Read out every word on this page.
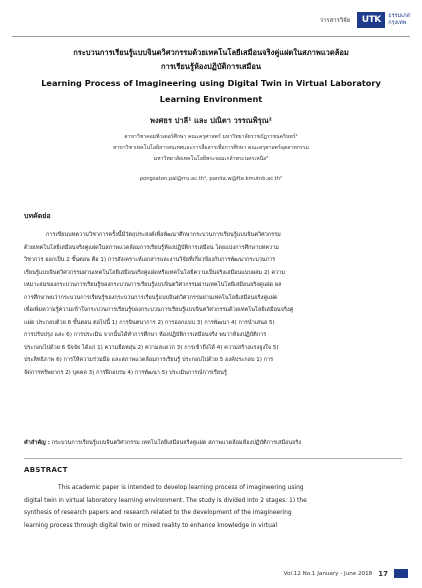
วารสารวิจัย	UTK	ธรรมเภส
กรุงเทพ
กระบวนการเรียนรู้แบบจินตวิศวกรรมด้วยเทคโนโลยีเสมือนจริงคู่แฝดในสภาพแวดล้อม
การเรียนรู้ห้องปฏิบัติการเสมือน
Learning Process of Imagineering using Digital Twin in Virtual Laboratory
Learning Environment
พงศธร ปาลี¹ และ ปณิตา วรรณพิรุณ²
สาขาวิชาคอมพิวเตอร์ศึกษา คณะครุศาสตร์ มหาวิทยาลัยราชภัฏราชนครินทร์¹
สาขาวิชาเทคโนโลยีสารสนเทศและการสื่อสารเพื่อการศึกษา คณะครุศาสตร์อุตสาหกรรม
มหาวิทยาลัยเทคโนโลยีพระจอมเกล้าพระนครเหนือ²
pongsaton.pal@rru.ac.th¹, panita.w@fte.kmutnb.ac.th²
บทคัดย่อ
การเขียนบทความวิชาการครั้งนี้มีวัตถุประสงค์เพื่อพัฒนาศึกษากระบวนการเรียนรู้แบบจินตวิศวกรรม
ด้วยเทคโนโลยีเสมือนจริงคู่แฝดในสภาพแวดล้อมการเรียนรู้ห้องปฏิบัติการเสมือน โดยแบ่งการศึกษาบทความ
วิชาการ ออกเป็น 2 ขั้นตอน คือ 1) การสังเคราะห์เอกสารและงานวิจัยที่เกี่ยวข้องกับการพัฒนากระบวนการ
เรียนรู้แบบจินตวิศวกรรมผ่านเทคโนโลยีเสมือนจริงคู่แฝดหรือเทคโนโลยีความเป็นจริงเสมือนแบบผสม 2) ความ
เหมาะสมของกระบวนการเรียนรู้ของกระบวนการเรียนรู้แบบจินตวิศวกรรมผ่านเทคโนโลยีเสมือนจริงคู่แฝด ผล
การศึกษาพบว่ากระบวนการเรียนรู้ของกระบวนการเรียนรู้แบบจินตวิศวกรรมผ่านเทคโนโลยีเสมือนจริงคู่แฝด
เพื่อเพิ่มความรู้ความเข้าใจกระบวนการเรียนรู้ของกระบวนการเรียนรู้แบบจินตวิศวกรรมด้วยเทคโนโลยีเสมือนจริงคู่
แฝด ประกอบด้วย 6 ขั้นตอน ต่อไปนี้ 1) การจินตนาการ 2) การออกแบบ 3) การพัฒนา 4) การนำเสนอ 5)
การปรับปรุง และ 6) การประเมิน จากนั้นได้ทำการศึกษา ห้องปฏิบัติการเสมือนจริง พบว่าห้องปฏิบัติการ
ประกอบไปด้วย 6 ปัจจัย ได้แก่ 1) ความยืดหยุ่น 2) ความสะดวก 3) การเข้าถึงได้ 4) ความสร้างแรงจูงใจ 5)
ประสิทธิภาพ 6) การให้ความร่วมมือ และสภาพแวดล้อมการเรียนรู้ ประกอบไปด้วย 5 องค์ประกอบ 1) การ
จัดการทรัพยากร 2) บุคคล 3) การฝึกอบรม 4) การพัฒนา 5) ประเมินการณ์การเรียนรู้
คำสำคัญ : กระบวนการเรียนรู้แบบจินตวิศวกรรม เทคโนโลยีเสมือนจริงคู่แฝด สภาพแวดล้อมห้องปฏิบัติการเสมือนจริง
ABSTRACT
This academic paper is intended to develop learning process of imagineering using
digital twin in virtual laboratory learning environment. The study is divided into 2 stages: 1) the
synthesis of research papers and research related to the development of the imagineering
learning process through digital twin or mixed reality to enhance knowledge in virtual
Vol.12 No.1 January - June 2018 17
